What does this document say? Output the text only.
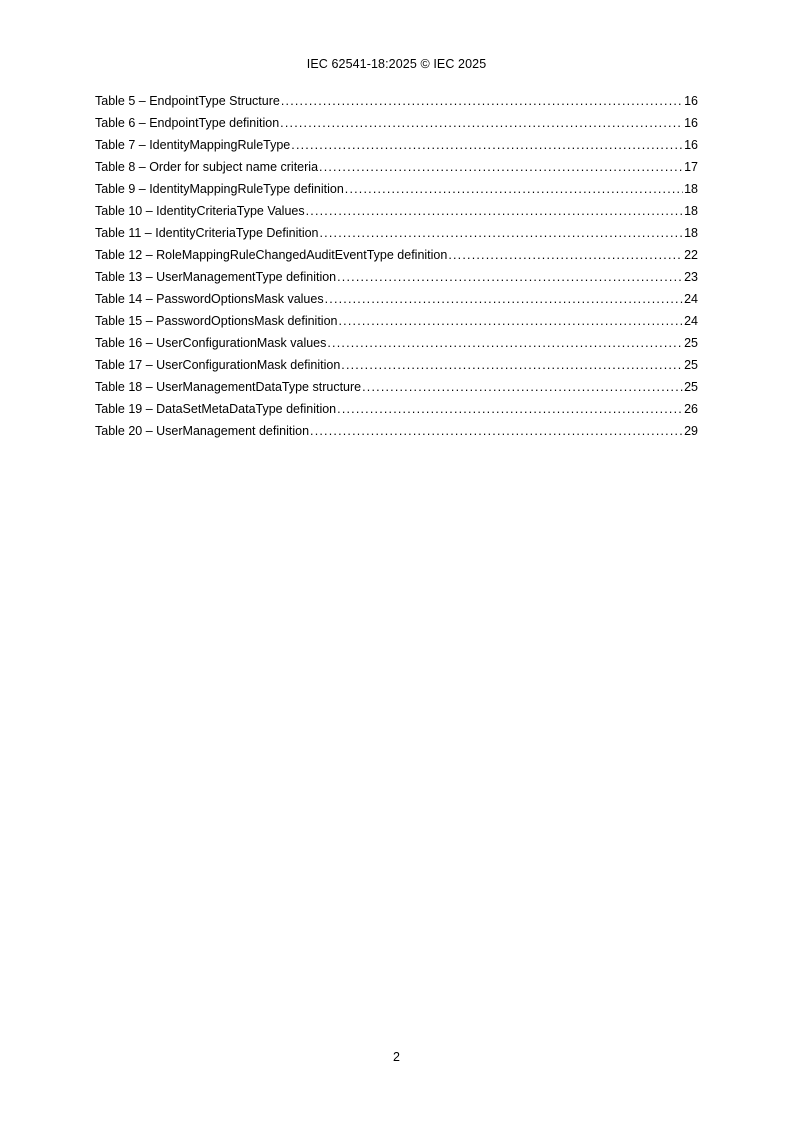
IEC 62541-18:2025 © IEC 2025
Table 5 – EndpointType Structure .....	16
Table 6 – EndpointType definition .....	16
Table 7 – IdentityMappingRuleType .....	16
Table 8 – Order for subject name criteria .....	17
Table 9 – IdentityMappingRuleType definition .....	18
Table 10 – IdentityCriteriaType Values .....	18
Table 11 – IdentityCriteriaType Definition .....	18
Table 12 – RoleMappingRuleChangedAuditEventType definition .....	22
Table 13 – UserManagementType definition .....	23
Table 14 – PasswordOptionsMask values .....	24
Table 15 – PasswordOptionsMask definition .....	24
Table 16 – UserConfigurationMask values .....	25
Table 17 – UserConfigurationMask definition .....	25
Table 18 – UserManagementDataType structure .....	25
Table 19 – DataSetMetaDataType definition .....	26
Table 20 – UserManagement definition .....	29
2
